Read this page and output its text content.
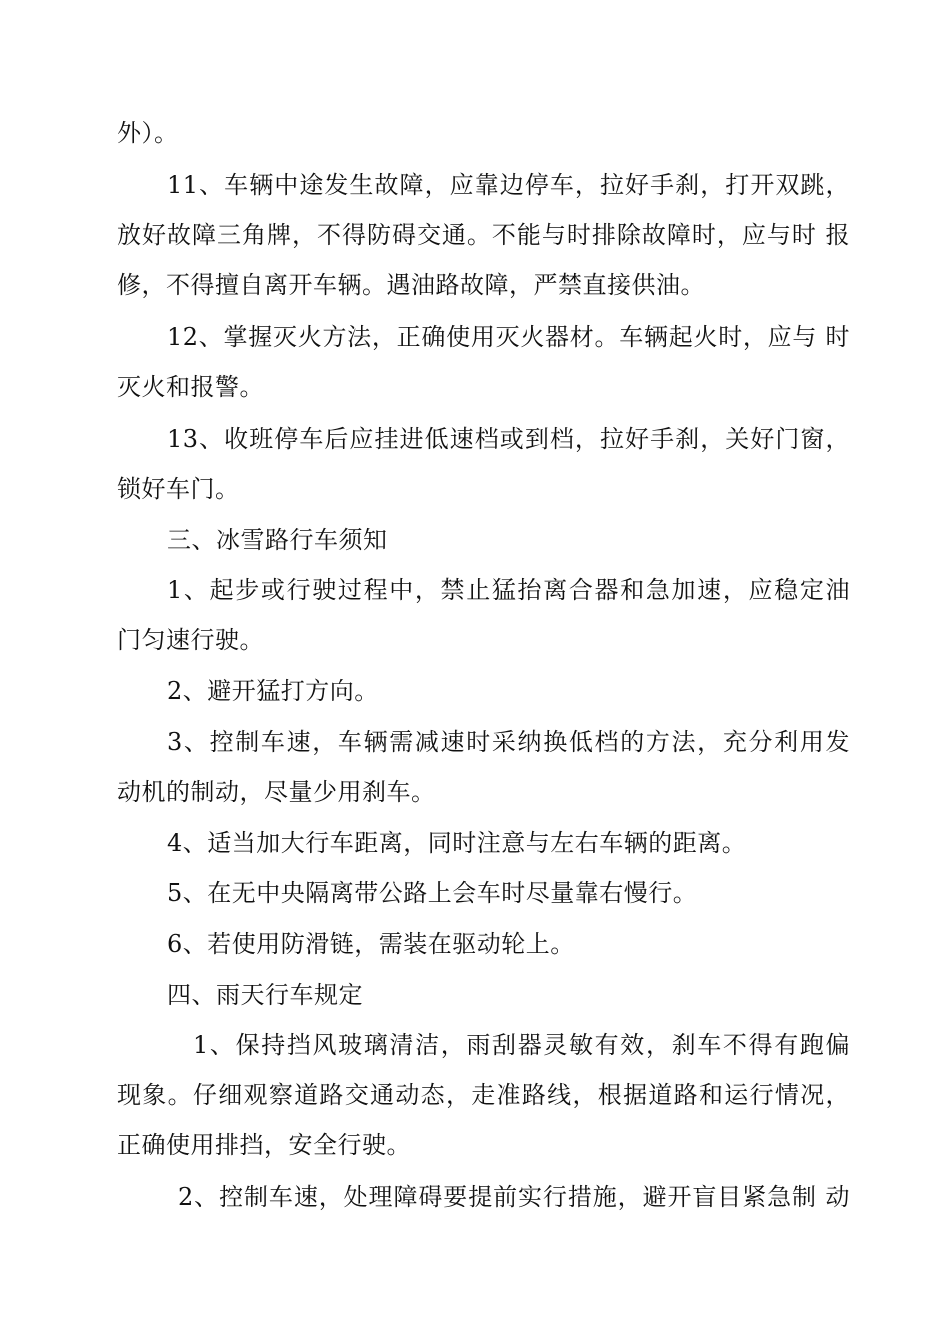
外）。
11、车辆中途发生故障，应靠边停车，拉好手刹，打开双跳，
放好故障三角牌，不得防碍交通。不能与时排除故障时，应与时 报
修，不得擅自离开车辆。遇油路故障，严禁直接供油。
12、掌握灭火方法，正确使用灭火器材。车辆起火时，应与 时
灭火和报警。
13、收班停车后应挂进低速档或到档，拉好手刹，关好门窗，
锁好车门。
三、冰雪路行车须知
1、起步或行驶过程中，禁止猛抬离合器和急加速，应稳定油
门匀速行驶。
2、避开猛打方向。
3、控制车速，车辆需减速时采纳换低档的方法，充分利用发
动机的制动，尽量少用刹车。
4、适当加大行车距离，同时注意与左右车辆的距离。
5、在无中央隔离带公路上会车时尽量靠右慢行。
6、若使用防滑链，需装在驱动轮上。
四、雨天行车规定
1、保持挡风玻璃清洁，雨刮器灵敏有效，刹车不得有跑偏
现象。仔细观察道路交通动态，走准路线，根据道路和运行情况，
正确使用排挡，安全行驶。
2、控制车速，处理障碍要提前实行措施，避开盲目紧急制 动
